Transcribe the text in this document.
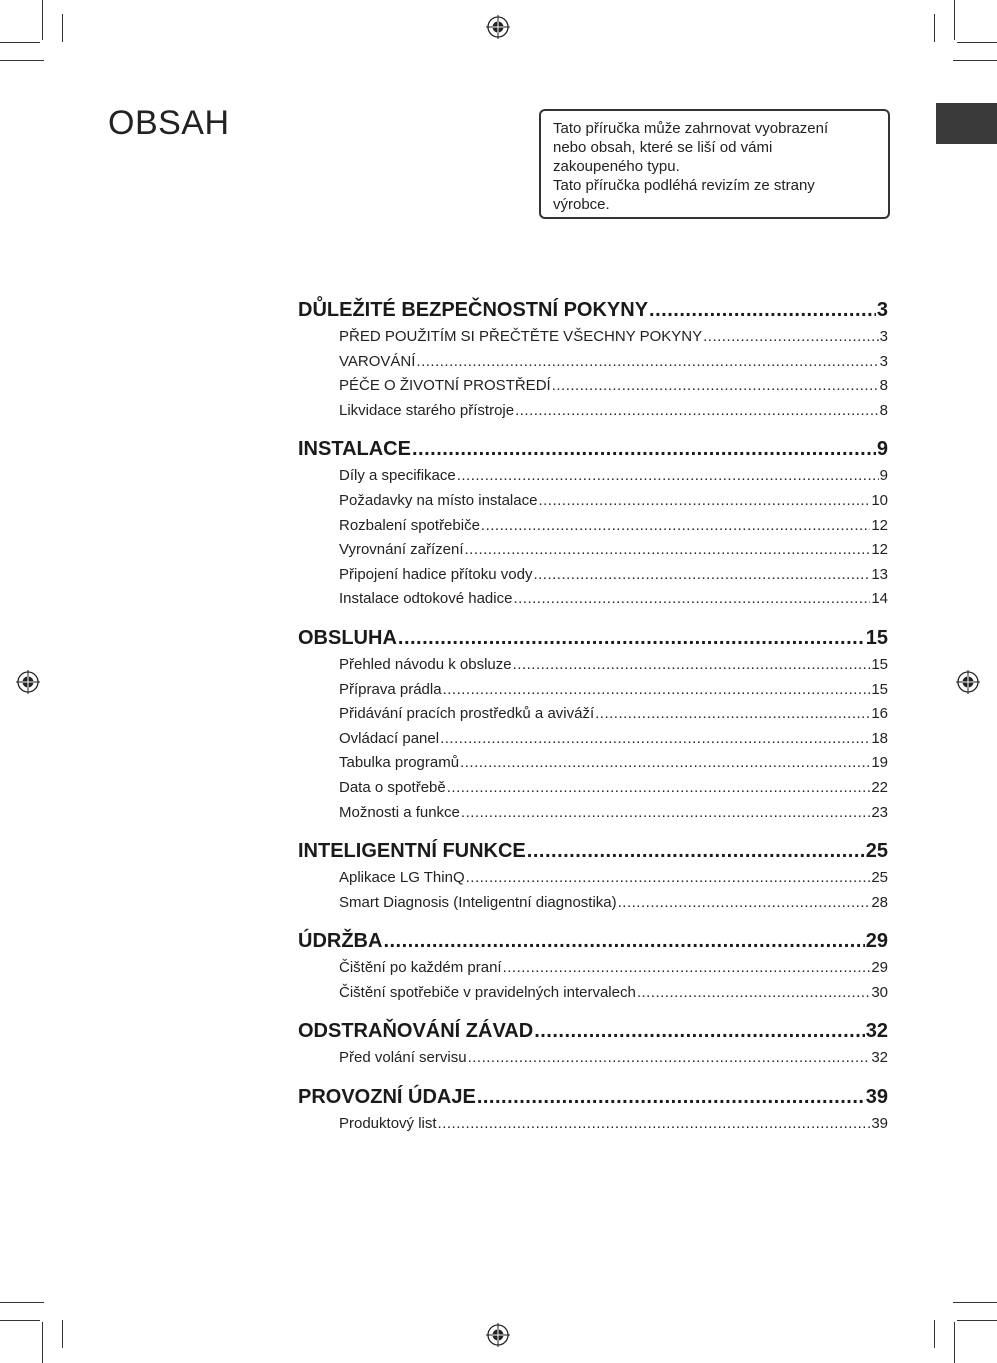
OBSAH	Tato příručka může zahrnovat vyobrazení

nebo obsah, které se liší od vámi

zakoupeného typu.

Tato příručka podléhá revizím ze strany

výrobce.

DŮLEŽITÉ BEZPEČNOSTNÍ POKYNY .....	3
PŘED POUŽITÍM SI PŘEČTĚTE VŠECHNY POKYNY .....	3
VAROVÁNÍ .....	3
PÉČE O ŽIVOTNÍ PROSTŘEDÍ .....	8
Likvidace starého přístroje .....	8
INSTALACE .....	9
Díly a specifikace .....	9
Požadavky na místo instalace .....	10
Rozbalení spotřebiče .....	12
Vyrovnání zařízení .....	12
Připojení hadice přítoku vody .....	13
Instalace odtokové hadice .....	14
OBSLUHA .....	15
Přehled návodu k obsluze .....	15
Příprava prádla .....	15
Přidávání pracích prostředků a aviváží .....	16
Ovládací panel .....	18
Tabulka programů .....	19
Data o spotřebě .....	22
Možnosti a funkce .....	23
INTELIGENTNÍ FUNKCE .....	25
Aplikace LG ThinQ .....	25
Smart Diagnosis (Inteligentní diagnostika) .....	28
ÚDRŽBA .....	29
Čištění po každém praní .....	29
Čištění spotřebiče v pravidelných intervalech .....	30
ODSTRAŇOVÁNÍ ZÁVAD .....	32
Před volání servisu .....	32
PROVOZNÍ ÚDAJE .....	39
Produktový list .....	39
